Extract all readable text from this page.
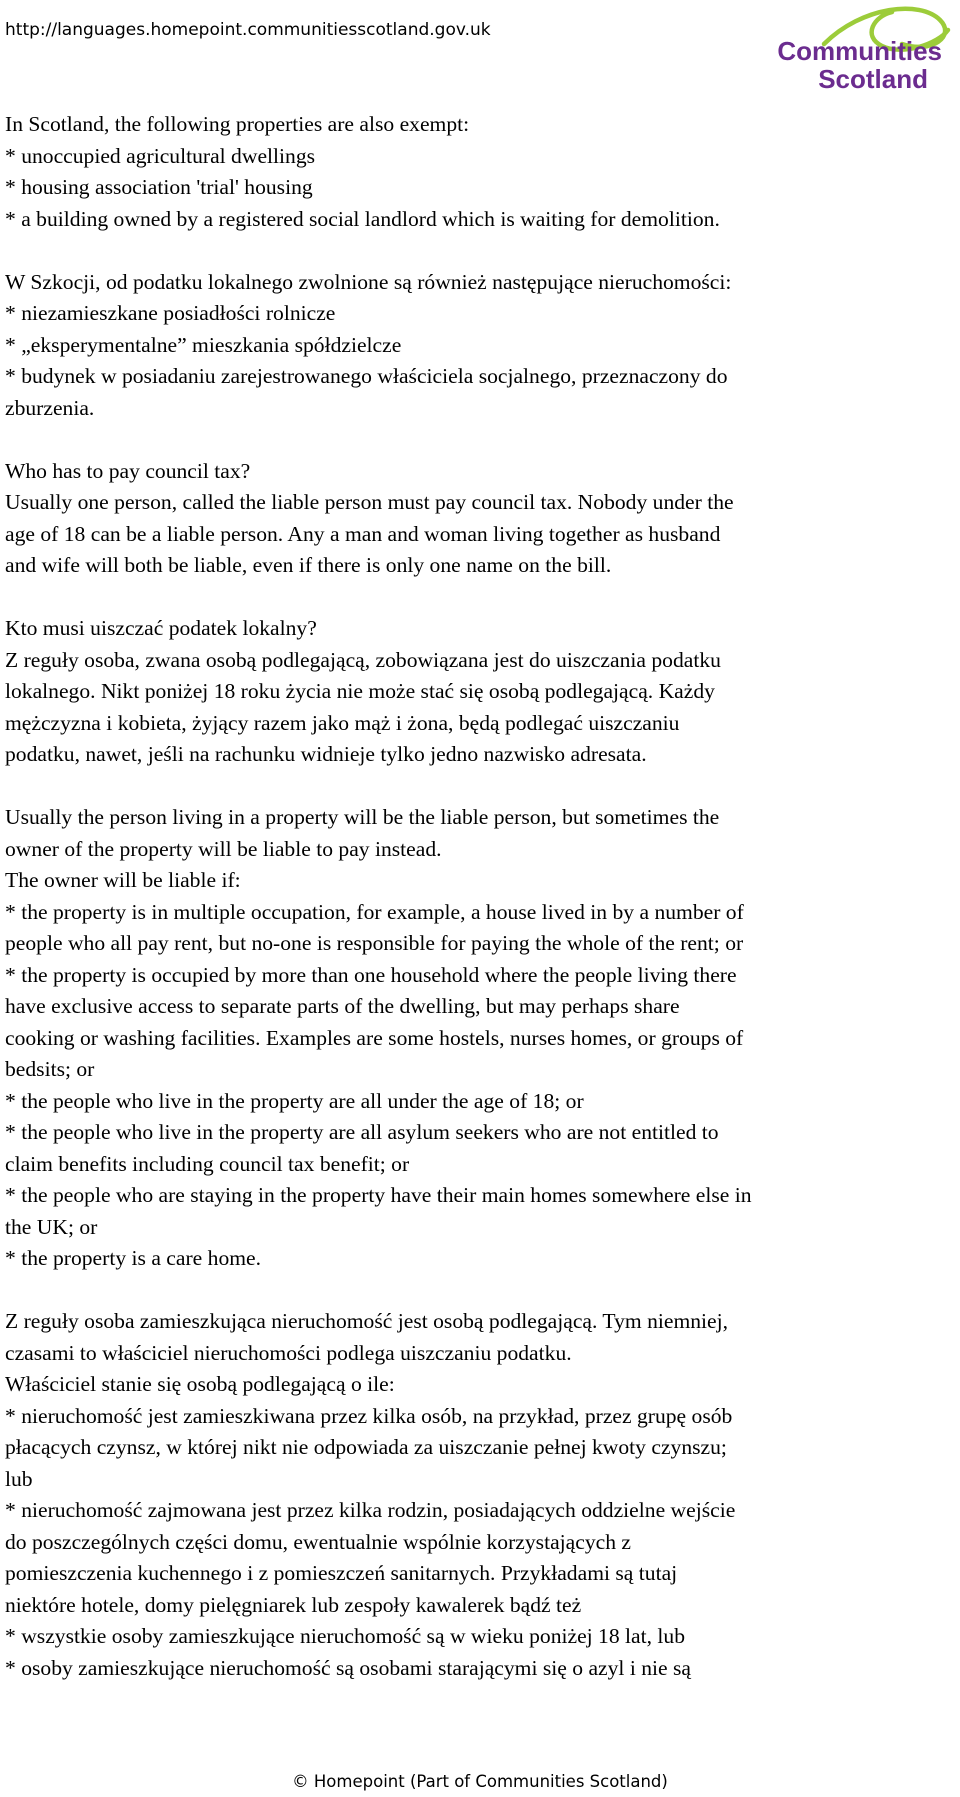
http://languages.homepoint.communitiesscotland.gov.uk
Communities
Scotland
In Scotland, the following properties are also exempt:
* unoccupied agricultural dwellings
* housing association 'trial' housing
* a building owned by a registered social landlord which is waiting for demolition.
W Szkocji, od podatku lokalnego zwolnione są również następujące nieruchomości:
* niezamieszkane posiadłości rolnicze
* „eksperymentalne” mieszkania spółdzielcze
* budynek w posiadaniu zarejestrowanego właściciela socjalnego, przeznaczony do
zburzenia.
Who has to pay council tax?
Usually one person, called the liable person must pay council tax. Nobody under the
age of 18 can be a liable person. Any a man and woman living together as husband
and wife will both be liable, even if there is only one name on the bill.
Kto musi uiszczać podatek lokalny?
Z reguły osoba, zwana osobą podlegającą, zobowiązana jest do uiszczania podatku
lokalnego. Nikt poniżej 18 roku życia nie może stać się osobą podlegającą. Każdy
mężczyzna i kobieta, żyjący razem jako mąż i żona, będą podlegać uiszczaniu
podatku, nawet, jeśli na rachunku widnieje tylko jedno nazwisko adresata.
Usually the person living in a property will be the liable person, but sometimes the
owner of the property will be liable to pay instead.
The owner will be liable if:
* the property is in multiple occupation, for example, a house lived in by a number of
people who all pay rent, but no-one is responsible for paying the whole of the rent; or
* the property is occupied by more than one household where the people living there
have exclusive access to separate parts of the dwelling, but may perhaps share
cooking or washing facilities. Examples are some hostels, nurses homes, or groups of
bedsits; or
* the people who live in the property are all under the age of 18; or
* the people who live in the property are all asylum seekers who are not entitled to
claim benefits including council tax benefit; or
* the people who are staying in the property have their main homes somewhere else in
the UK; or
* the property is a care home.
Z reguły osoba zamieszkująca nieruchomość jest osobą podlegającą. Tym niemniej,
czasami to właściciel nieruchomości podlega uiszczaniu podatku.
Właściciel stanie się osobą podlegającą o ile:
* nieruchomość jest zamieszkiwana przez kilka osób, na przykład, przez grupę osób
płacących czynsz, w której nikt nie odpowiada za uiszczanie pełnej kwoty czynszu;
lub
* nieruchomość zajmowana jest przez kilka rodzin, posiadających oddzielne wejście
do poszczególnych części domu, ewentualnie wspólnie korzystających z
pomieszczenia kuchennego i z pomieszczeń sanitarnych. Przykładami są tutaj
niektóre hotele, domy pielęgniarek lub zespoły kawalerek bądź też
* wszystkie osoby zamieszkujące nieruchomość są w wieku poniżej 18 lat, lub
* osoby zamieszkujące nieruchomość są osobami starającymi się o azyl i nie są
© Homepoint (Part of Communities Scotland)
